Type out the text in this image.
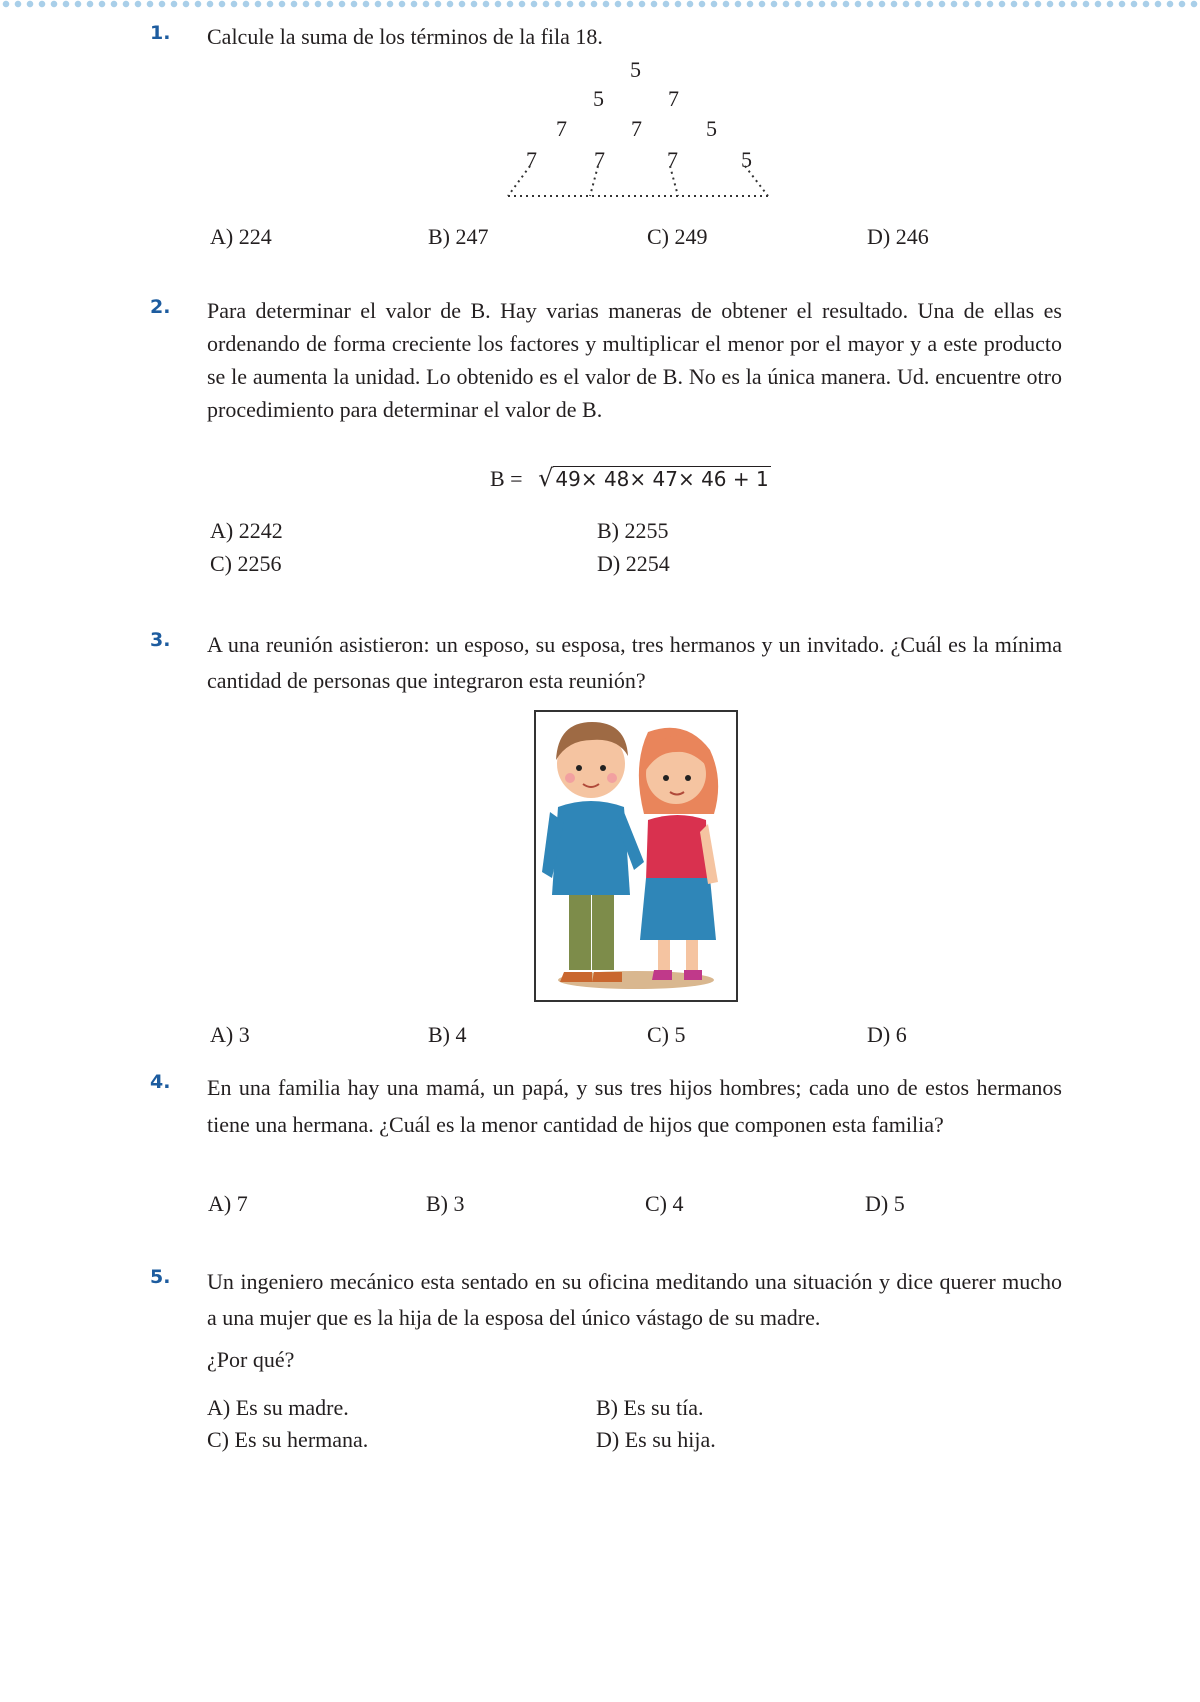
1. Calcule la suma de los términos de la fila 18.
5
5	7
7	7	5
7	7	7	5
A) 224	B) 247	C) 249	D) 246
2. Para determinar el valor de B. Hay varias maneras de obtener el resultado. Una de ellas es ordenando de forma creciente los factores y multiplicar el menor por el mayor y a este producto se le aumenta la unidad. Lo obtenido es el valor de B. No es la única manera. Ud. encuentre otro procedimiento para determinar el valor de B.
B = √ 49× 48× 47× 46 + 1
A) 2242	B) 2255
C) 2256	D) 2254
3. A una reunión asistieron: un esposo, su esposa, tres hermanos y un invitado. ¿Cuál es la mínima cantidad de personas que integraron esta reunión?
A) 3	B) 4	C) 5	D) 6
4. En una familia hay una mamá, un papá, y sus tres hijos hombres; cada uno de estos hermanos tiene una hermana. ¿Cuál es la menor cantidad de hijos que componen esta familia?
A) 7	B) 3	C) 4	D) 5
5. Un ingeniero mecánico esta sentado en su oficina meditando una situación y dice querer mucho a una mujer que es la hija de la esposa del único vástago de su madre.
¿Por qué?
A) Es su madre.	B) Es su tía.
C) Es su hermana.	D) Es su hija.
